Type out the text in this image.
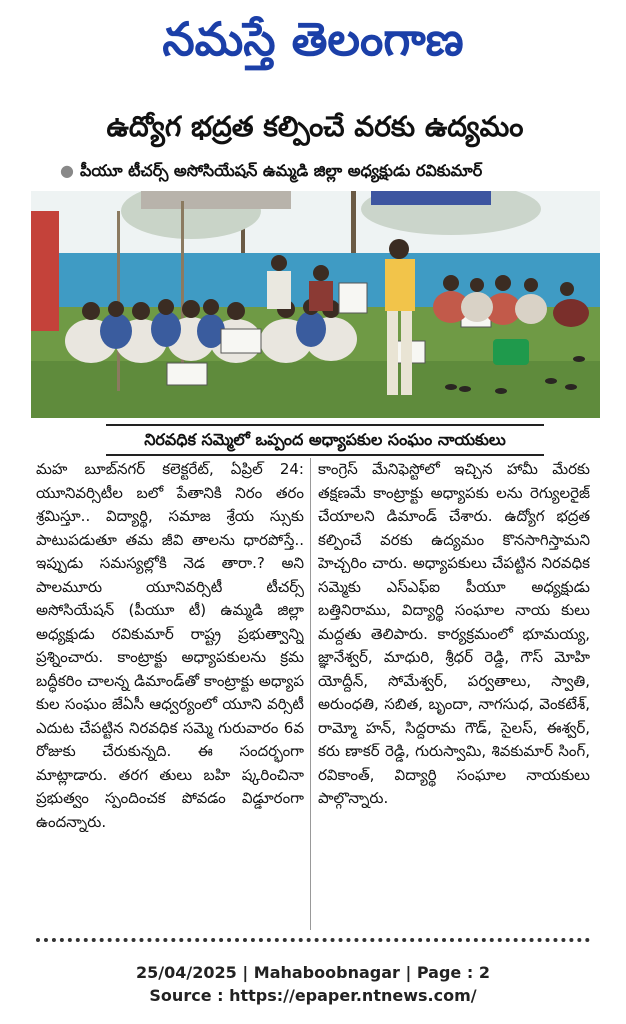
నమస్తే తెలంగాణ
ఉద్యోగ భద్రత కల్పించే వరకు ఉద్యమం
● పీయూ టీచర్స్ అసోసియేషన్ ఉమ్మడి జిల్లా అధ్యక్షుడు రవికుమార్
నిరవధిక సమ్మెలో ఒప్పంద అధ్యాపకుల సంఘం నాయకులు
మహ బూబ్‌నగర్ కలెక్టరేట్, ఏప్రిల్ 24: యూనివర్సిటీల బలో పేతానికి నిరం తరం శ్రమిస్తూ.. విద్యార్థి, సమాజ శ్రేయ స్సుకు పాటుపడుతూ తమ జీవి తాలను ధారపోస్తే.. ఇప్పుడు సమస్యల్లోకి నెడ తారా.? అని పాలమూరు యూనివర్సిటీ టీచర్స్ అసోసియేషన్ (పీయూ టీ) ఉమ్మడి జిల్లా అధ్యక్షుడు రవికుమార్ రాష్ట్ర ప్రభుత్వాన్ని ప్రశ్నించారు. కాంట్రాక్టు అధ్యాపకులను క్రమ బద్ధీకరిం చాలన్న డిమాండ్‌తో కాంట్రాక్టు అధ్యాప కుల సంఘం జేఏసీ ఆధ్వర్యంలో యూని వర్సిటీ ఎదుట చేపట్టిన నిరవధిక సమ్మె గురువారం 6వ రోజుకు చేరుకున్నది. ఈ సందర్భంగా మాట్లాడారు. తరగ తులు బహి ష్కరించినా ప్రభుత్వం స్పందించక పోవడం విడ్డూరంగా ఉందన్నారు.
కాంగ్రెస్ మేనిఫెస్టోలో ఇచ్చిన హామీ మేరకు తక్షణమే కాంట్రాక్టు అధ్యాపకు లను రెగ్యులరైజ్ చేయాలని డిమాండ్ చేశారు. ఉద్యోగ భద్రత కల్పించే వరకు ఉద్యమం కొనసాగిస్తామని హెచ్చరిం చారు. అధ్యాపకులు చేపట్టిన నిరవధిక సమ్మెకు ఎస్ఎఫ్ఐ పీయూ అధ్యక్షుడు బత్తినిరాము, విద్యార్థి సంఘాల నాయ కులు మద్దతు తెలిపారు. కార్యక్రమంలో భూమయ్య, జ్ఞానేశ్వర్, మాధురి, శ్రీధర్ రెడ్డి, గౌస్ మోహి యోద్దీన్, సోమేశ్వర్, పర్వతాలు, స్వాతి, అరుంధతి, సబిత, బృందా, నాగసుధ, వెంకటేశ్, రామ్మో హన్, సిద్దరామ గౌడ్, సైలస్, ఈశ్వర్, కరు ణాకర్ రెడ్డి, గురుస్వామి, శివకుమార్ సింగ్, రవికాంత్, విద్యార్థి సంఘాల నాయకులు పాల్గొన్నారు.
25/04/2025 | Mahaboobnagar | Page : 2
Source : https://epaper.ntnews.com/
